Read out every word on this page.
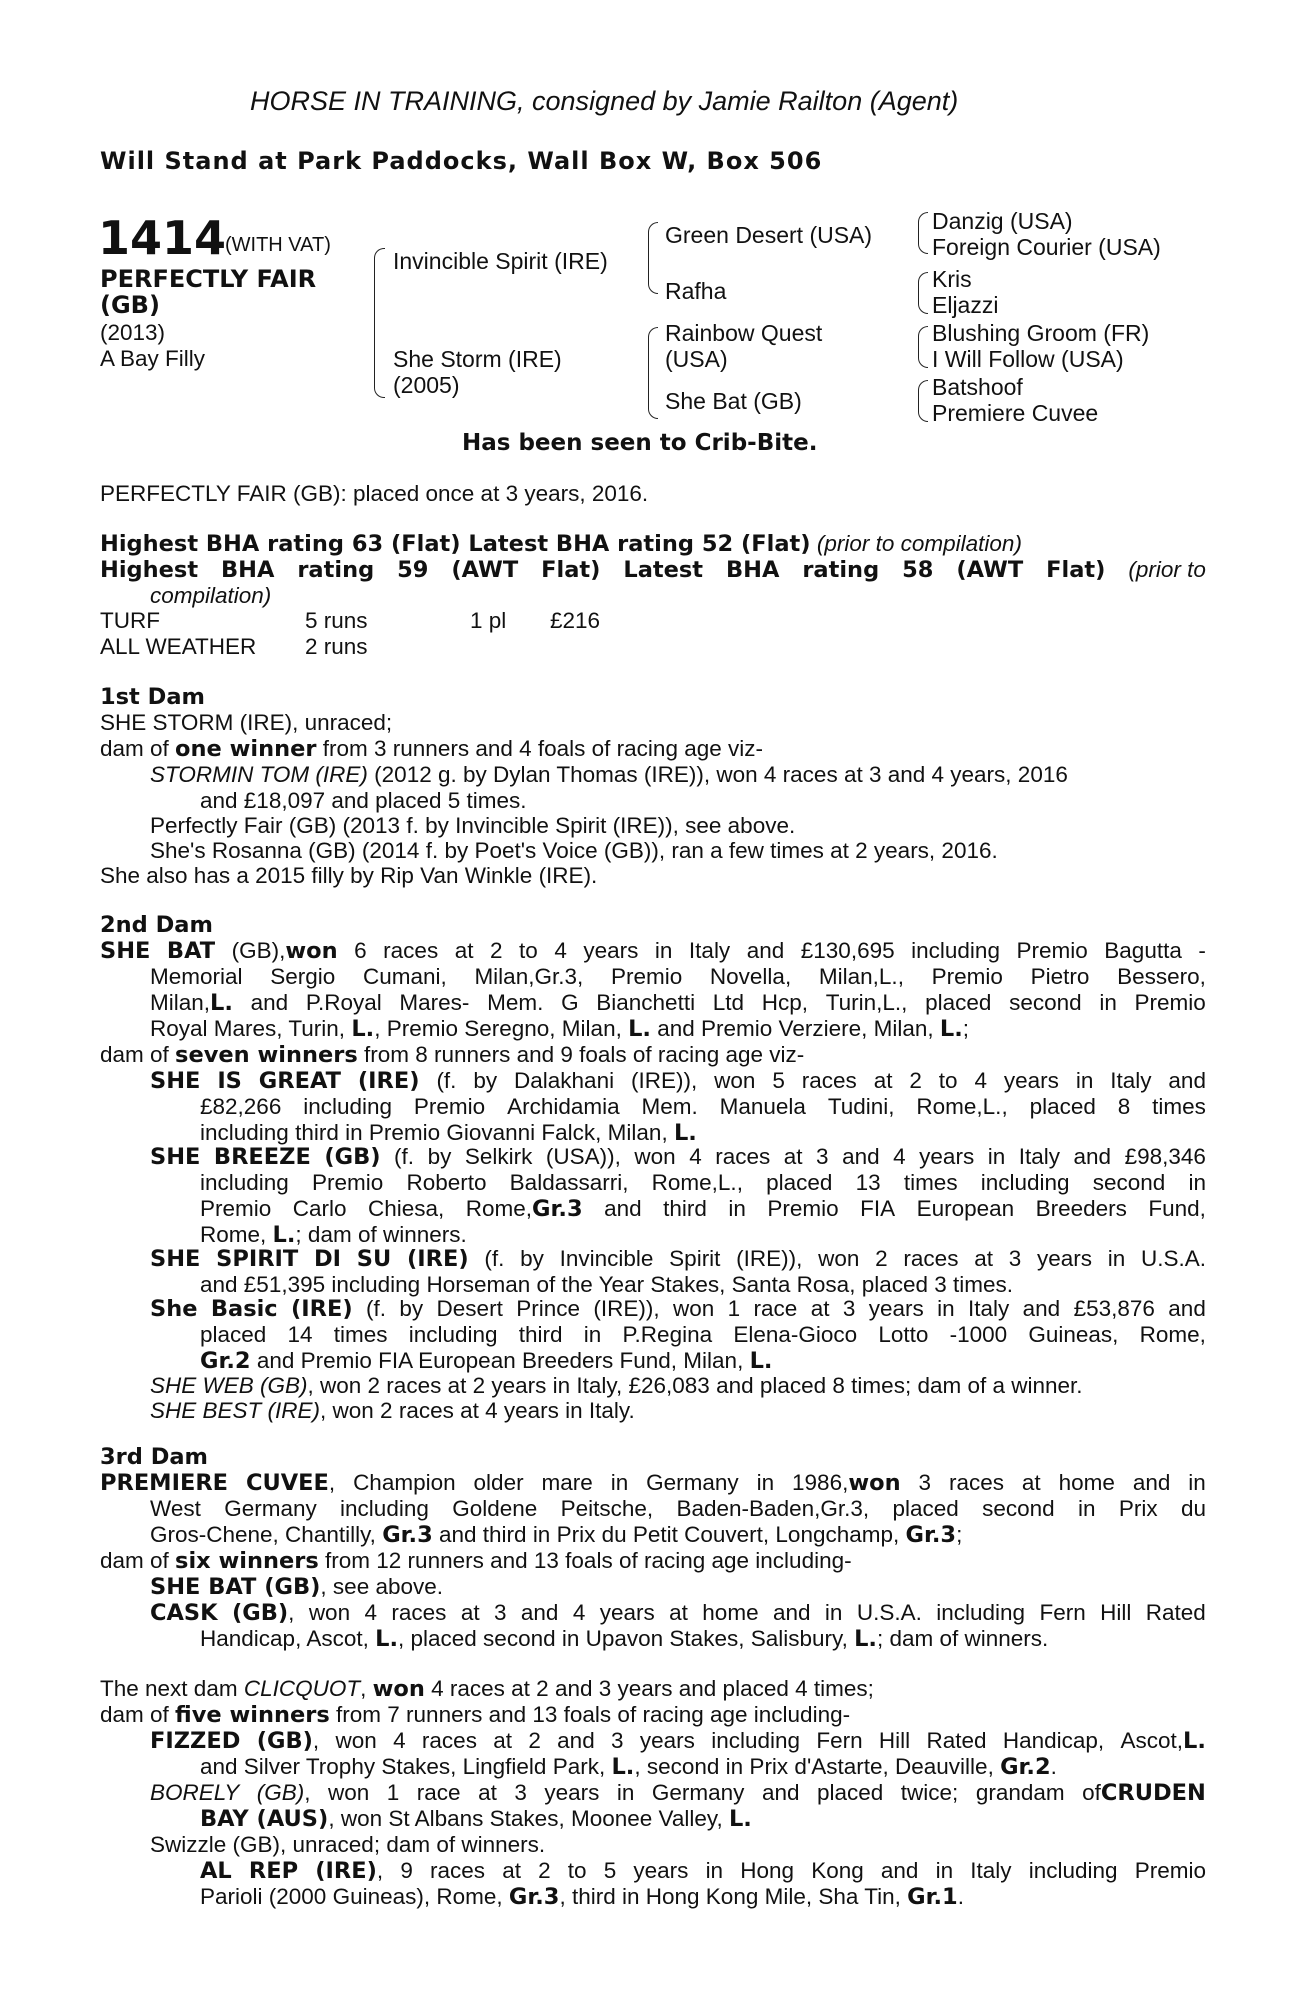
HORSE IN TRAINING, consigned by Jamie Railton (Agent)
Will Stand at Park Paddocks, Wall Box W, Box 506
1414
(WITH VAT)
PERFECTLY FAIR
(GB)
(2013)
A Bay Filly
Invincible Spirit (IRE)
She Storm (IRE)
(2005)
Green Desert (USA)
Rafha
Rainbow Quest
(USA)
She Bat (GB)
Danzig (USA)
Foreign Courier (USA)
Kris
Eljazzi
Blushing Groom (FR)
I Will Follow (USA)
Batshoof
Premiere Cuvee
Has been seen to Crib-Bite.
PERFECTLY FAIR (GB): placed once at 3 years, 2016.
Highest BHA rating 63 (Flat) Latest BHA rating 52 (Flat) (prior to compilation)
Highest BHA rating 59 (AWT Flat) Latest BHA rating 58 (AWT Flat) (prior to
compilation)
TURF	5 runs	1 pl £216
ALL WEATHER 2 runs
1st Dam
SHE STORM (IRE), unraced;
dam of one winner from 3 runners and 4 foals of racing age viz-
STORMIN TOM (IRE) (2012 g. by Dylan Thomas (IRE)), won 4 races at 3 and 4 years, 2016
and £18,097 and placed 5 times.
Perfectly Fair (GB) (2013 f. by Invincible Spirit (IRE)), see above.
She's Rosanna (GB) (2014 f. by Poet's Voice (GB)), ran a few times at 2 years, 2016.
She also has a 2015 filly by Rip Van Winkle (IRE).
2nd Dam
SHE BAT (GB),won 6 races at 2 to 4 years in Italy and £130,695 including Premio Bagutta -
Memorial Sergio Cumani, Milan,Gr.3, Premio Novella, Milan,L., Premio Pietro Bessero,
Milan,L. and P.Royal Mares- Mem. G Bianchetti Ltd Hcp, Turin,L., placed second in Premio
Royal Mares, Turin, L., Premio Seregno, Milan, L. and Premio Verziere, Milan, L.;
dam of seven winners from 8 runners and 9 foals of racing age viz-
SHE IS GREAT (IRE) (f. by Dalakhani (IRE)), won 5 races at 2 to 4 years in Italy and
£82,266 including Premio Archidamia Mem. Manuela Tudini, Rome,L., placed 8 times
including third in Premio Giovanni Falck, Milan, L.
SHE BREEZE (GB) (f. by Selkirk (USA)), won 4 races at 3 and 4 years in Italy and £98,346
including Premio Roberto Baldassarri, Rome,L., placed 13 times including second in
Premio Carlo Chiesa, Rome,Gr.3 and third in Premio FIA European Breeders Fund,
Rome, L.; dam of winners.
SHE SPIRIT DI SU (IRE) (f. by Invincible Spirit (IRE)), won 2 races at 3 years in U.S.A.
and £51,395 including Horseman of the Year Stakes, Santa Rosa, placed 3 times.
She Basic (IRE) (f. by Desert Prince (IRE)), won 1 race at 3 years in Italy and £53,876 and
placed 14 times including third in P.Regina Elena-Gioco Lotto -1000 Guineas, Rome,
Gr.2 and Premio FIA European Breeders Fund, Milan, L.
SHE WEB (GB), won 2 races at 2 years in Italy, £26,083 and placed 8 times; dam of a winner.
SHE BEST (IRE), won 2 races at 4 years in Italy.
3rd Dam
PREMIERE CUVEE, Champion older mare in Germany in 1986,won 3 races at home and in
West Germany including Goldene Peitsche, Baden-Baden,Gr.3, placed second in Prix du
Gros-Chene, Chantilly, Gr.3 and third in Prix du Petit Couvert, Longchamp, Gr.3;
dam of six winners from 12 runners and 13 foals of racing age including-
SHE BAT (GB), see above.
CASK (GB), won 4 races at 3 and 4 years at home and in U.S.A. including Fern Hill Rated
Handicap, Ascot, L., placed second in Upavon Stakes, Salisbury, L.; dam of winners.
The next dam CLICQUOT, won 4 races at 2 and 3 years and placed 4 times;
dam of five winners from 7 runners and 13 foals of racing age including-
FIZZED (GB), won 4 races at 2 and 3 years including Fern Hill Rated Handicap, Ascot,L.
and Silver Trophy Stakes, Lingfield Park, L., second in Prix d'Astarte, Deauville, Gr.2.
BORELY (GB), won 1 race at 3 years in Germany and placed twice; grandam ofCRUDEN
BAY (AUS), won St Albans Stakes, Moonee Valley, L.
Swizzle (GB), unraced; dam of winners.
AL REP (IRE), 9 races at 2 to 5 years in Hong Kong and in Italy including Premio
Parioli (2000 Guineas), Rome, Gr.3, third in Hong Kong Mile, Sha Tin, Gr.1.
